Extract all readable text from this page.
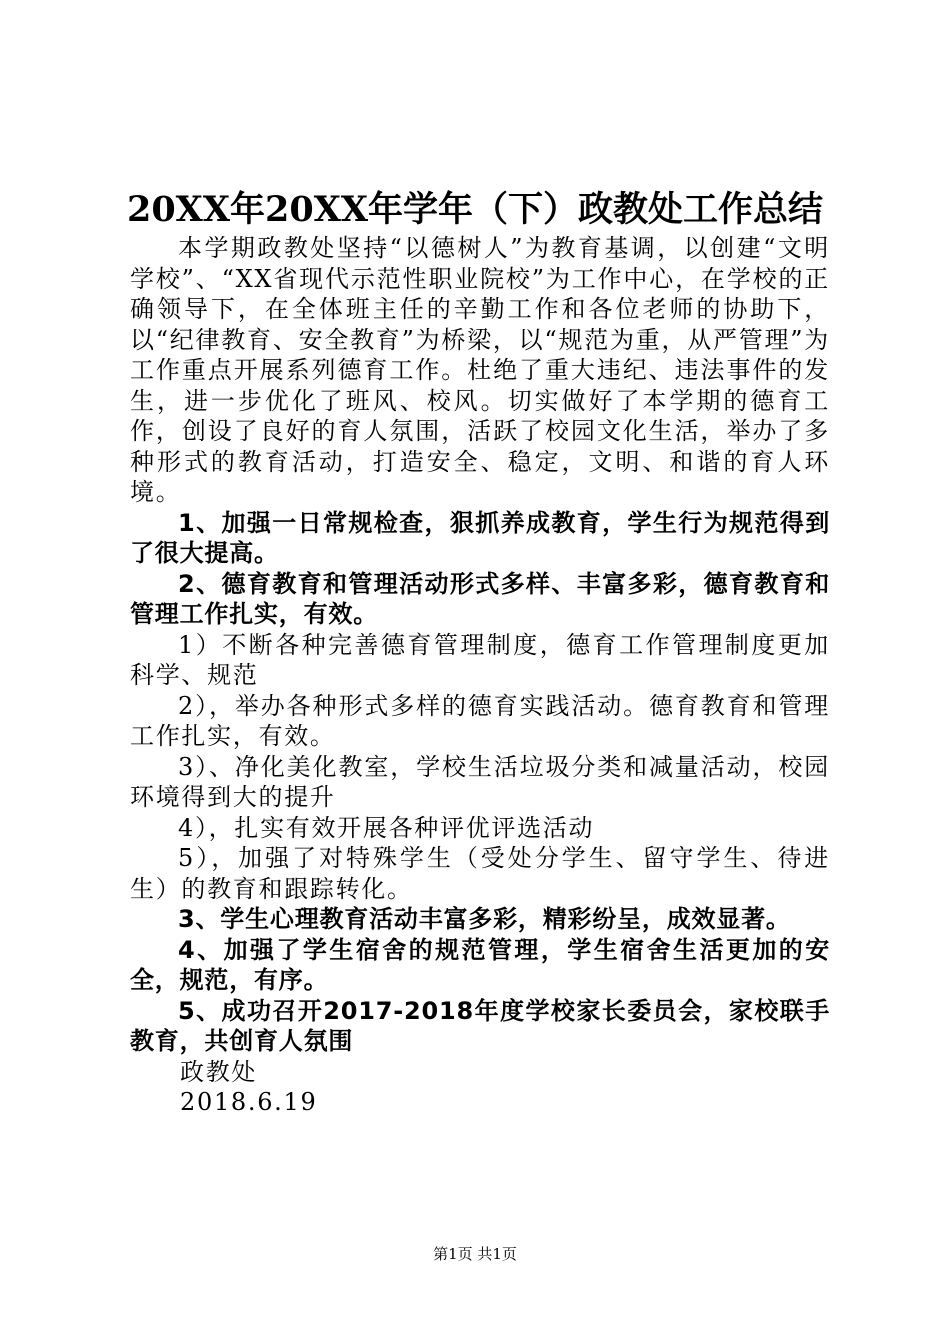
20XX年20XX年学年（下）政教处工作总结

本学期政教处坚持“以德树人”为教育基调，以创建“文明学校”、“XX省现代示范性职业院校”为工作中心，在学校的正确领导下，在全体班主任的辛勤工作和各位老师的协助下，以“纪律教育、安全教育”为桥梁，以“规范为重，从严管理”为工作重点开展系列德育工作。杜绝了重大违纪、违法事件的发生，进一步优化了班风、校风。切实做好了本学期的德育工作，创设了良好的育人氛围，活跃了校园文化生活，举办了多种形式的教育活动，打造安全、稳定，文明、和谐的育人环境。

1、加强一日常规检查，狠抓养成教育，学生行为规范得到了很大提高。

2、德育教育和管理活动形式多样、丰富多彩，德育教育和管理工作扎实，有效。

1）不断各种完善德育管理制度，德育工作管理制度更加科学、规范

2），举办各种形式多样的德育实践活动。德育教育和管理工作扎实，有效。

3）、净化美化教室，学校生活垃圾分类和减量活动，校园环境得到大的提升

4），扎实有效开展各种评优评选活动

5），加强了对特殊学生（受处分学生、留守学生、待进生）的教育和跟踪转化。

3、学生心理教育活动丰富多彩，精彩纷呈，成效显著。

4、加强了学生宿舍的规范管理，学生宿舍生活更加的安全，规范，有序。

5、成功召开2017-2018年度学校家长委员会，家校联手教育，共创育人氛围

政教处

2018.6.19

第1页 共1页
